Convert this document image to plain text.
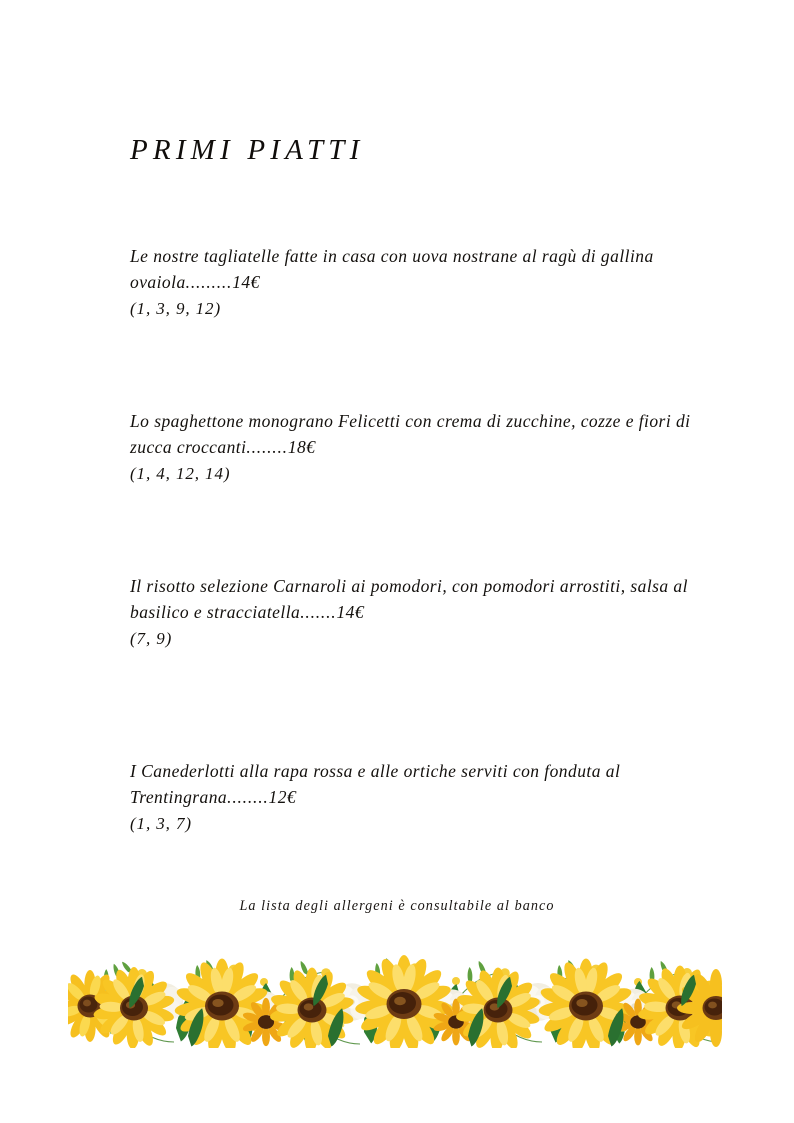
PRIMI PIATTI

Le nostre tagliatelle fatte in casa con uova nostrane al ragù di gallina ovaiola.........14€

(1, 3, 9, 12)

Lo spaghettone monograno Felicetti con crema di zucchine, cozze e fiori di zucca croccanti........18€

(1, 4, 12, 14)

Il risotto selezione Carnaroli ai pomodori, con pomodori arrostiti, salsa al basilico e stracciatella.......14€

(7, 9)

I Canederlotti alla rapa rossa e alle ortiche serviti con fonduta al Trentingrana........12€

(1, 3, 7)

La lista degli allergeni è consultabile al banco
